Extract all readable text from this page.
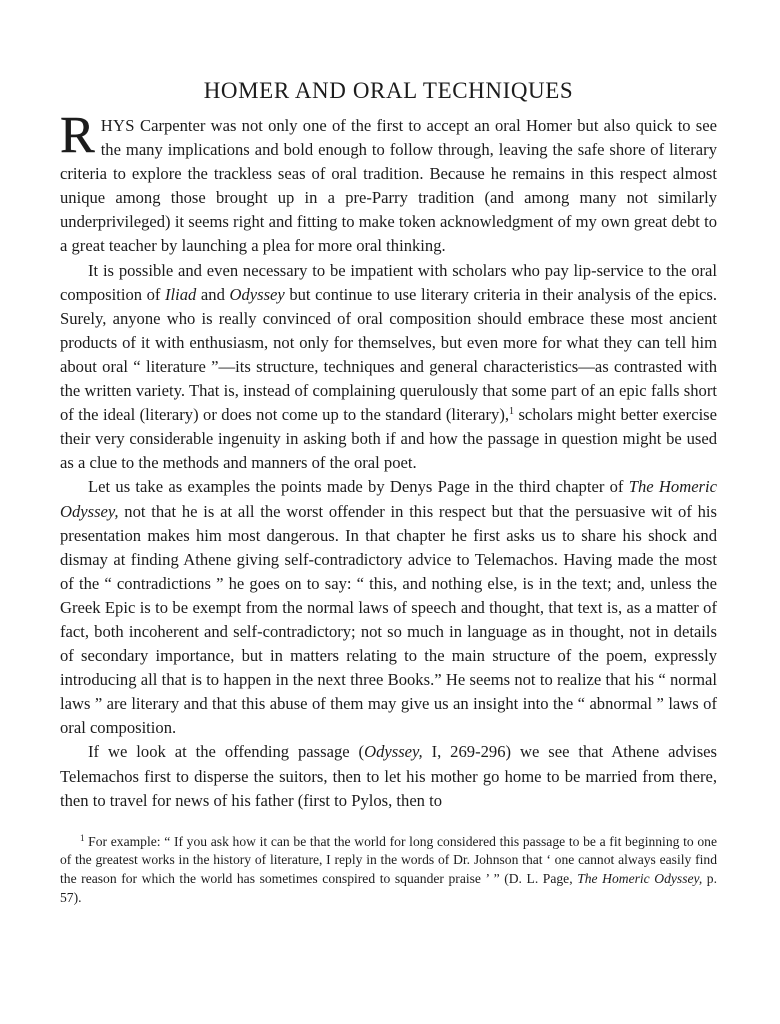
HOMER AND ORAL TECHNIQUES

RHYS Carpenter was not only one of the first to accept an oral Homer but also quick to see the many implications and bold enough to follow through, leaving the safe shore of literary criteria to explore the trackless seas of oral tradition. Because he remains in this respect almost unique among those brought up in a pre-Parry tradition (and among many not similarly underprivileged) it seems right and fitting to make token acknowledgment of my own great debt to a great teacher by launching a plea for more oral thinking.

It is possible and even necessary to be impatient with scholars who pay lip-service to the oral composition of Iliad and Odyssey but continue to use literary criteria in their analysis of the epics. Surely, anyone who is really convinced of oral composition should embrace these most ancient products of it with enthusiasm, not only for themselves, but even more for what they can tell him about oral “ literature ”—its structure, techniques and general characteristics—as contrasted with the written variety. That is, instead of complaining querulously that some part of an epic falls short of the ideal (literary) or does not come up to the standard (literary),$^1$ scholars might better exercise their very considerable ingenuity in asking both if and how the passage in question might be used as a clue to the methods and manners of the oral poet.

Let us take as examples the points made by Denys Page in the third chapter of The Homeric Odyssey, not that he is at all the worst offender in this respect but that the persuasive wit of his presentation makes him most dangerous. In that chapter he first asks us to share his shock and dismay at finding Athene giving self-contradictory advice to Telemachos. Having made the most of the “ contradictions ” he goes on to say: “ this, and nothing else, is in the text; and, unless the Greek Epic is to be exempt from the normal laws of speech and thought, that text is, as a matter of fact, both incoherent and self-contradictory; not so much in language as in thought, not in details of secondary importance, but in matters relating to the main structure of the poem, expressly introducing all that is to happen in the next three Books.” He seems not to realize that his “ normal laws ” are literary and that this abuse of them may give us an insight into the “ abnormal ” laws of oral composition.

If we look at the offending passage (Odyssey, I, 269-296) we see that Athene advises Telemachos first to disperse the suitors, then to let his mother go home to be married from there, then to travel for news of his father (first to Pylos, then to

$^1$ For example: “ If you ask how it can be that the world for long considered this passage to be a fit beginning to one of the greatest works in the history of literature, I reply in the words of Dr. Johnson that ‘ one cannot always easily find the reason for which the world has sometimes conspired to squander praise ’ ” (D. L. Page, The Homeric Odyssey, p. 57).
